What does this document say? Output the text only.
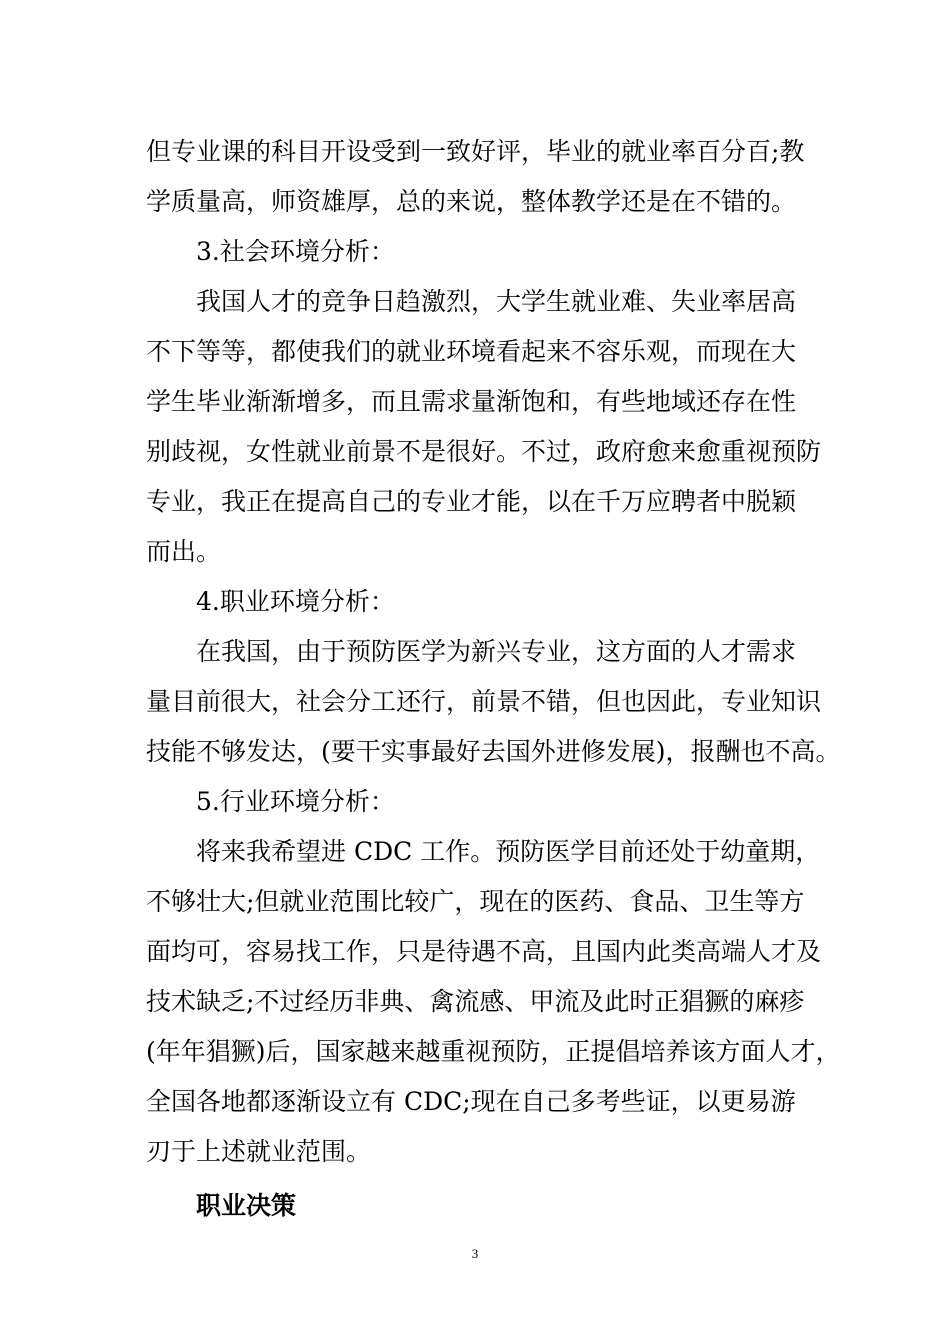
但专业课的科目开设受到一致好评，毕业的就业率百分百;教
学质量高，师资雄厚，总的来说，整体教学还是在不错的。
3.社会环境分析：
我国人才的竞争日趋激烈，大学生就业难、失业率居高
不下等等，都使我们的就业环境看起来不容乐观，而现在大
学生毕业渐渐增多，而且需求量渐饱和，有些地域还存在性
别歧视，女性就业前景不是很好。不过，政府愈来愈重视预防
专业，我正在提高自己的专业才能，以在千万应聘者中脱颖
而出。
4.职业环境分析：
在我国，由于预防医学为新兴专业，这方面的人才需求
量目前很大，社会分工还行，前景不错，但也因此，专业知识
技能不够发达，(要干实事最好去国外进修发展)，报酬也不高。
5.行业环境分析：
将来我希望进 CDC 工作。预防医学目前还处于幼童期，
不够壮大;但就业范围比较广，现在的医药、食品、卫生等方
面均可，容易找工作，只是待遇不高，且国内此类高端人才及
技术缺乏;不过经历非典、禽流感、甲流及此时正猖獗的麻疹
(年年猖獗)后，国家越来越重视预防，正提倡培养该方面人才，
全国各地都逐渐设立有 CDC;现在自己多考些证，以更易游
刃于上述就业范围。
职业决策
3
